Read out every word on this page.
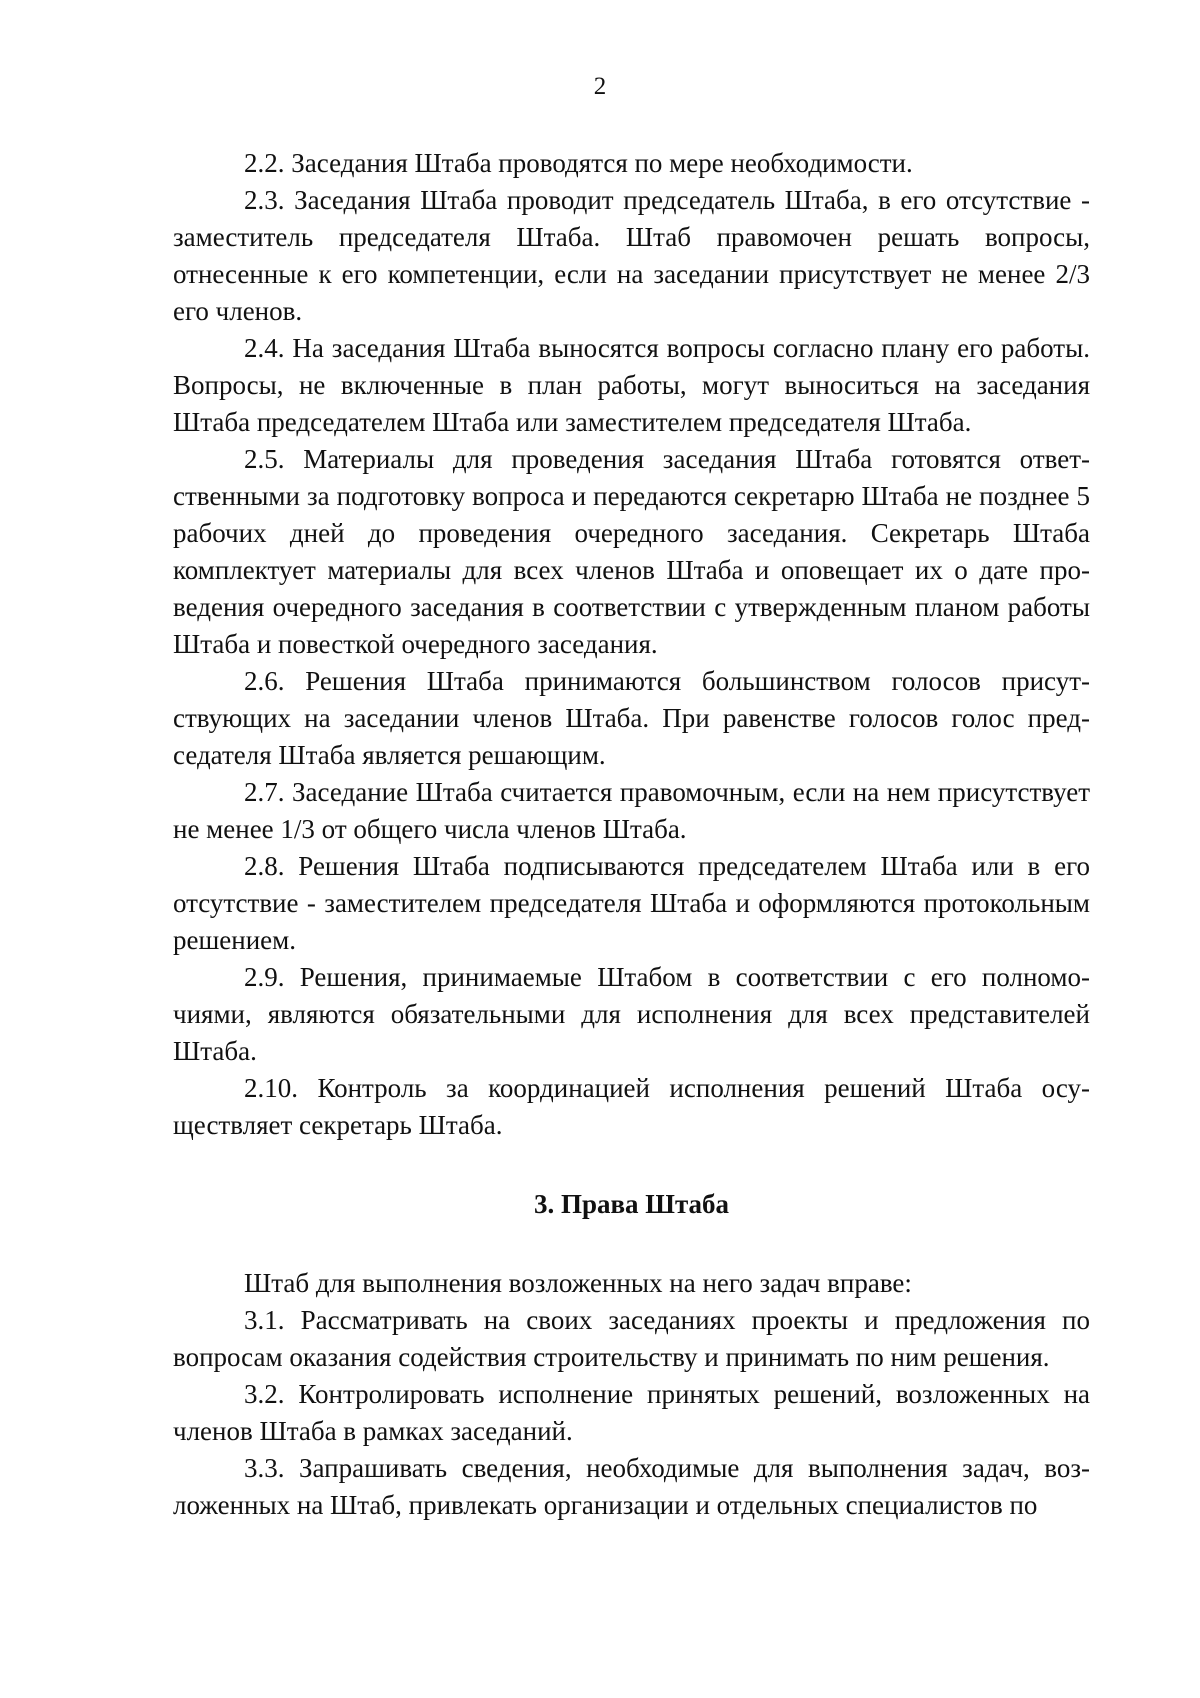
2

2.2. Заседания Штаба проводятся по мере необходимости.

2.3. Заседания Штаба проводит председатель Штаба, в его отсутствие - заместитель председателя Штаба. Штаб правомочен решать вопросы, отнесенные к его компетенции, если на заседании присутствует не менее 2/3 его членов.

2.4. На заседания Штаба выносятся вопросы согласно плану его работы. Вопросы, не включенные в план работы, могут выноситься на заседания Штаба председателем Штаба или заместителем председателя Штаба.

2.5. Материалы для проведения заседания Штаба готовятся ответственными за подготовку вопроса и передаются секретарю Штаба не позднее 5 рабочих дней до проведения очередного заседания. Секретарь Штаба комплектует материалы для всех членов Штаба и оповещает их о дате проведения очередного заседания в соответствии с утвержденным планом работы Штаба и повесткой очередного заседания.

2.6. Решения Штаба принимаются большинством голосов присутствующих на заседании членов Штаба. При равенстве голосов голос председателя Штаба является решающим.

2.7. Заседание Штаба считается правомочным, если на нем присутствует не менее 1/3 от общего числа членов Штаба.

2.8. Решения Штаба подписываются председателем Штаба или в его отсутствие - заместителем председателя Штаба и оформляются протокольным решением.

2.9. Решения, принимаемые Штабом в соответствии с его полномочиями, являются обязательными для исполнения для всех представителей Штаба.

2.10. Контроль за координацией исполнения решений Штаба осуществляет секретарь Штаба.

3. Права Штаба

Штаб для выполнения возложенных на него задач вправе:

3.1. Рассматривать на своих заседаниях проекты и предложения по вопросам оказания содействия строительству и принимать по ним решения.

3.2. Контролировать исполнение принятых решений, возложенных на членов Штаба в рамках заседаний.

3.3. Запрашивать сведения, необходимые для выполнения задач, возложенных на Штаб, привлекать организации и отдельных специалистов по
